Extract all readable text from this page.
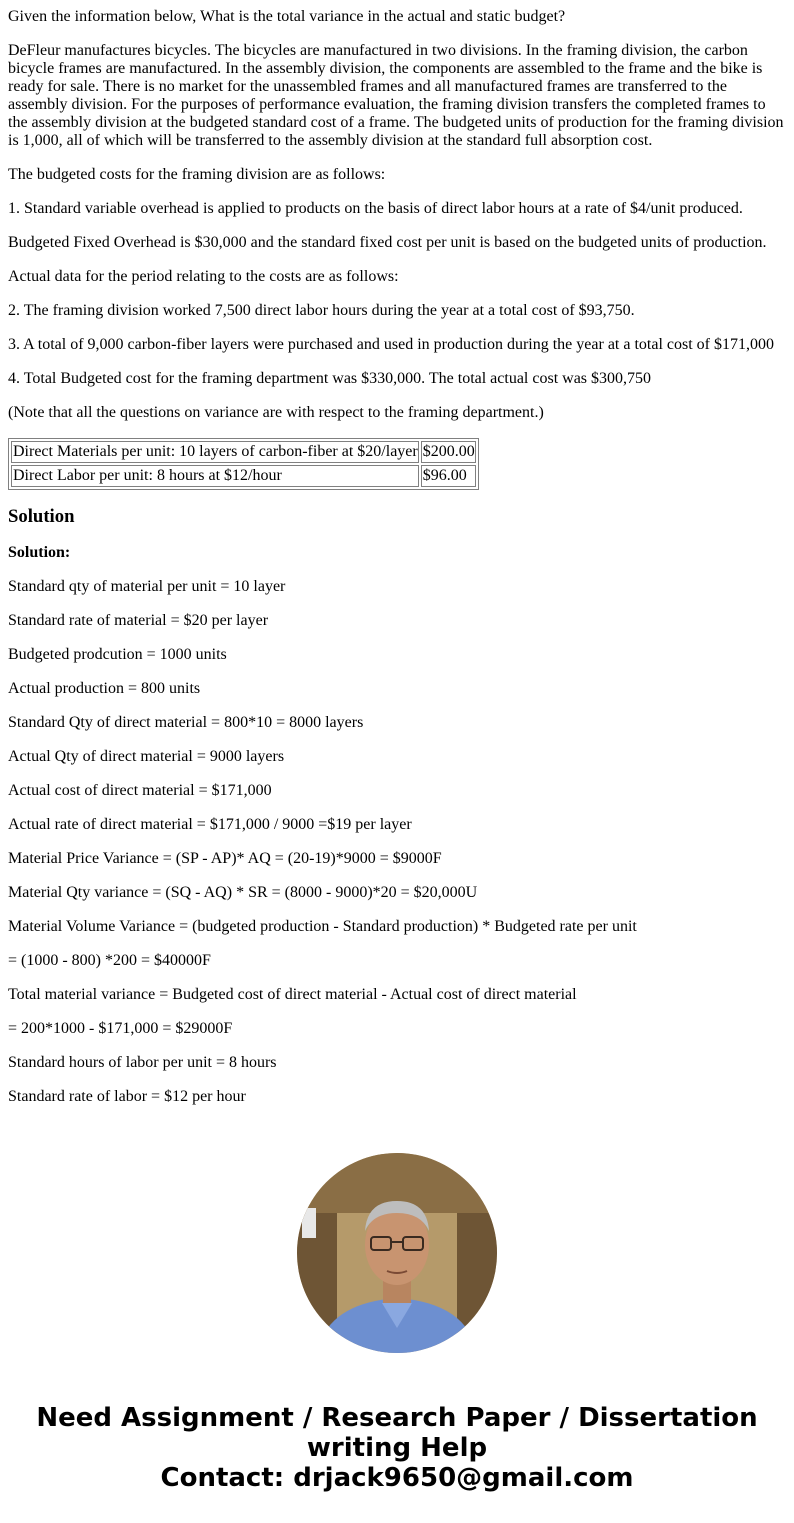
Given the information below, What is the total variance in the actual and static budget?

DeFleur manufactures bicycles. The bicycles are manufactured in two divisions. In the framing division, the carbon bicycle frames are manufactured. In the assembly division, the components are assembled to the frame and the bike is ready for sale. There is no market for the unassembled frames and all manufactured frames are transferred to the assembly division. For the purposes of performance evaluation, the framing division transfers the completed frames to the assembly division at the budgeted standard cost of a frame. The budgeted units of production for the framing division is 1,000, all of which will be transferred to the assembly division at the standard full absorption cost.

The budgeted costs for the framing division are as follows:

1. Standard variable overhead is applied to products on the basis of direct labor hours at a rate of $4/unit produced.

Budgeted Fixed Overhead is $30,000 and the standard fixed cost per unit is based on the budgeted units of production.

Actual data for the period relating to the costs are as follows:

2. The framing division worked 7,500 direct labor hours during the year at a total cost of $93,750.

3. A total of 9,000 carbon-fiber layers were purchased and used in production during the year at a total cost of $171,000

4. Total Budgeted cost for the framing department was $330,000. The total actual cost was $300,750

(Note that all the questions on variance are with respect to the framing department.)

Direct Materials per unit: 10 layers of carbon-fiber at $20/layer	$200.00
Direct Labor per unit: 8 hours at $12/hour	$96.00
Solution

Solution:

Standard qty of material per unit = 10 layer

Standard rate of material = $20 per layer

Budgeted prodcution = 1000 units

Actual production = 800 units

Standard Qty of direct material = 800*10 = 8000 layers

Actual Qty of direct material = 9000 layers

Actual cost of direct material = $171,000

Actual rate of direct material = $171,000 / 9000 =$19 per layer

Material Price Variance = (SP - AP)* AQ = (20-19)*9000 = $9000F

Material Qty variance = (SQ - AQ) * SR = (8000 - 9000)*20 = $20,000U

Material Volume Variance = (budgeted production - Standard production) * Budgeted rate per unit

= (1000 - 800) *200 = $40000F

Total material variance = Budgeted cost of direct material - Actual cost of direct material

= 200*1000 - $171,000 = $29000F

Standard hours of labor per unit = 8 hours

Standard rate of labor = $12 per hour

Need Assignment / Research Paper / Dissertation
writing Help
Contact: drjack9650@gmail.com
